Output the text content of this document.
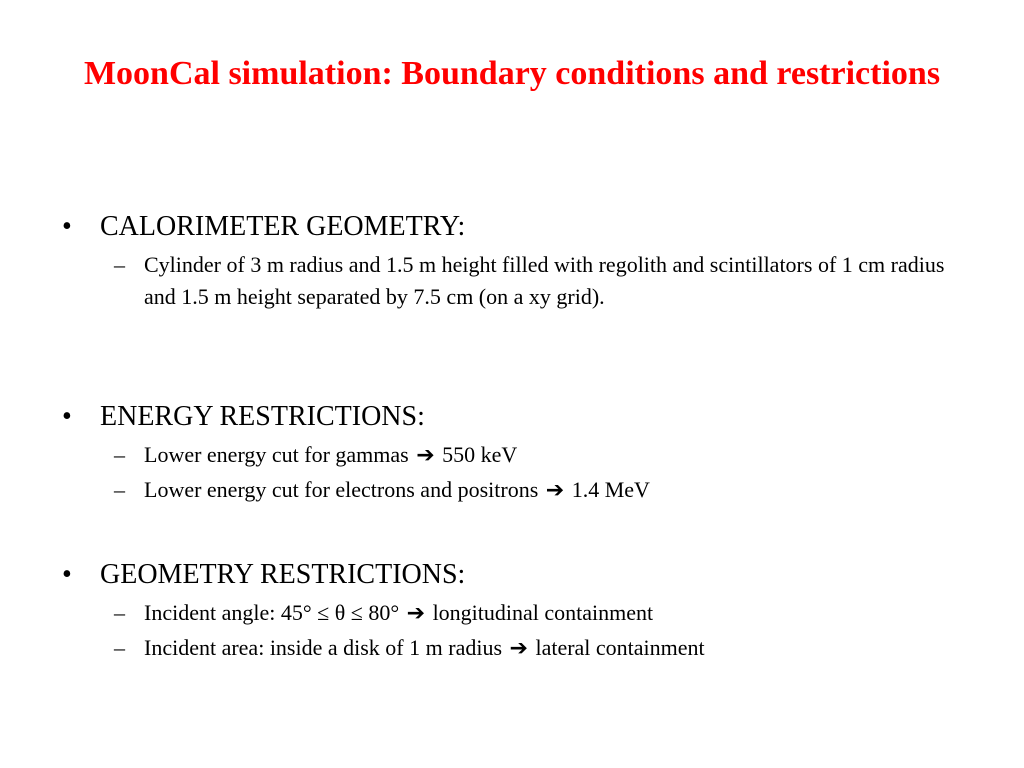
MoonCal simulation: Boundary conditions and restrictions
•	CALORIMETER GEOMETRY:
– Cylinder of 3 m radius and 1.5 m height filled with regolith and scintillators of 1 cm radius and 1.5 m height separated by 7.5 cm (on a xy grid).
•	ENERGY RESTRICTIONS:
– Lower energy cut for gammas ➔ 550 keV
– Lower energy cut for electrons and positrons ➔ 1.4 MeV
•	GEOMETRY RESTRICTIONS:
– Incident angle: 45° ≤ θ ≤ 80° ➔ longitudinal containment
– Incident area: inside a disk of 1 m radius ➔ lateral containment
